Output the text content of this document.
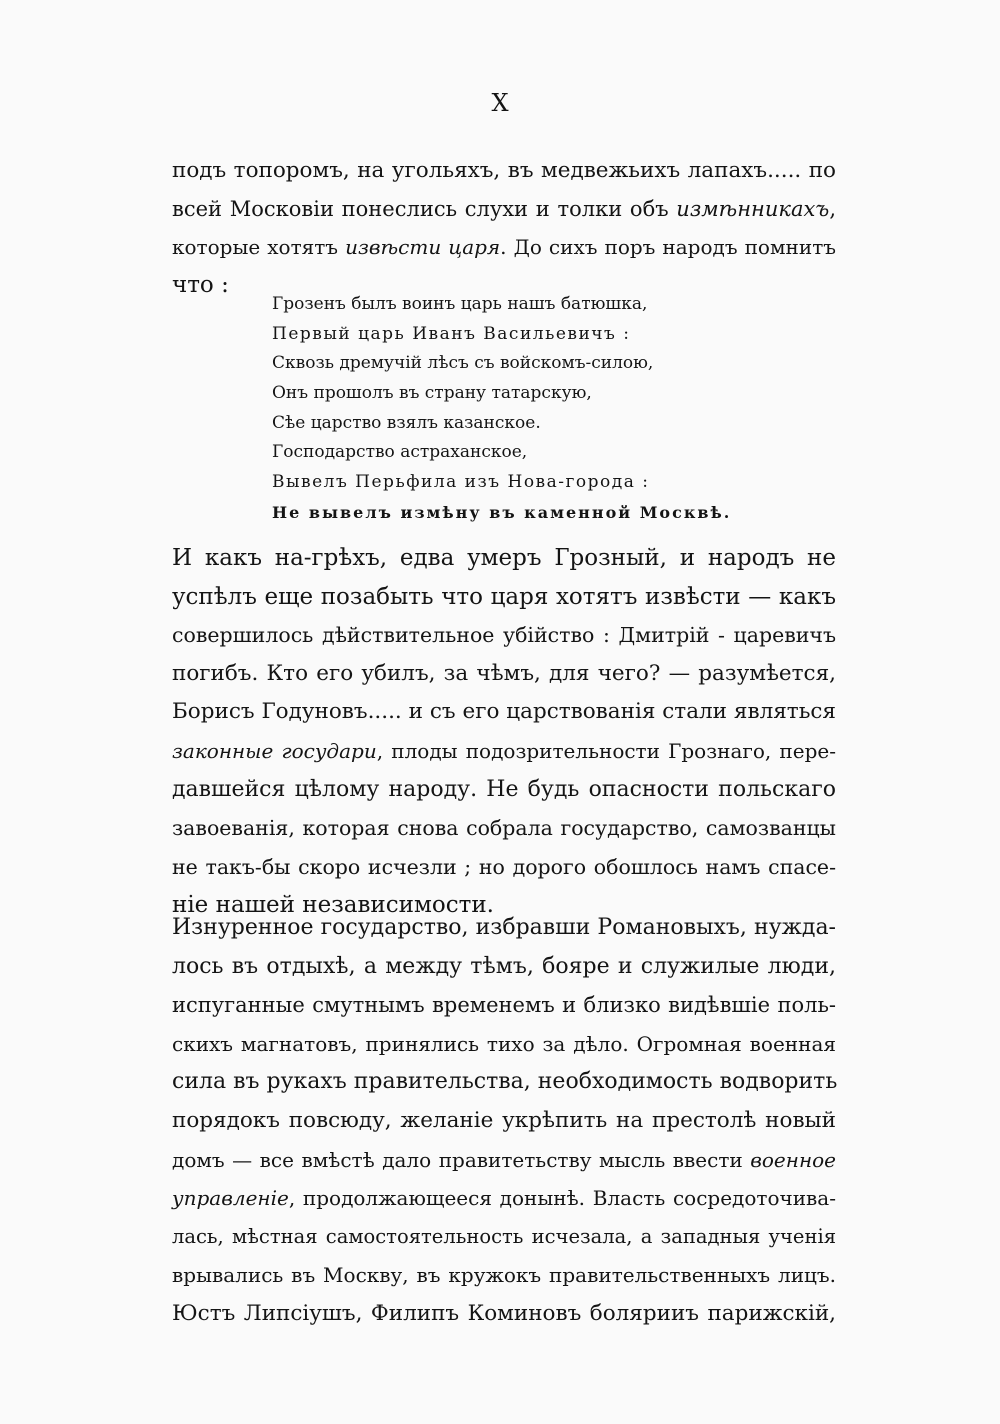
X
подъ топоромъ, на угольяхъ, въ медвежьихъ лапахъ..... по
всей Московіи понеслись слухи и толки объ измѣнникахъ,
которые хотятъ извѣсти царя. До сихъ поръ народъ помнитъ
что :
Грозенъ былъ воинъ царь нашъ батюшка,
Первый царь Иванъ Васильевичъ :
Сквозь дремучій лѣсъ съ войскомъ-силою,
Онъ прошолъ въ страну татарскую,
Сѣе царство взялъ казанское.
Господарство астраханское,
Вывелъ Перьфила изъ Нова-города :
Не вывелъ измѣну въ каменной Москвѣ.
И какъ на-грѣхъ, едва умеръ Грозный, и народъ не
успѣлъ еще позабыть что царя хотятъ извѣсти — какъ
совершилось дѣйствительное убійство : Дмитрій - царевичъ
погибъ. Кто его убилъ, за чѣмъ, для чего? — разумѣется,
Борисъ Годуновъ..... и съ его царствованія стали являться
законные государи, плоды подозрительности Грознаго, пере-
давшейся цѣлому народу. Не будь опасности польскаго
завоеванія, которая снова собрала государство, самозванцы
не такъ-бы скоро исчезли ; но дорого обошлось намъ спасе-
ніе нашей независимости.
Изнуренное государство, избравши Романовыхъ, нужда-
лось въ отдыхѣ, а между тѣмъ, бояре и служилые люди,
испуганные смутнымъ временемъ и близко видѣвшіе поль-
скихъ магнатовъ, принялись тихо за дѣло. Огромная военная
сила въ рукахъ правительства, необходимость водворить
порядокъ повсюду, желаніе укрѣпить на престолѣ новый
домъ — все вмѣстѣ дало правитетьству мысль ввести военное
управленіе, продолжающееся донынѣ. Власть сосредоточива-
лась, мѣстная самостоятельность исчезала, а западныя ученія
врывались въ Москву, въ кружокъ правительственныхъ лицъ.
Юстъ Липсіушъ, Филипъ Коминовъ болярииъ парижскій,
